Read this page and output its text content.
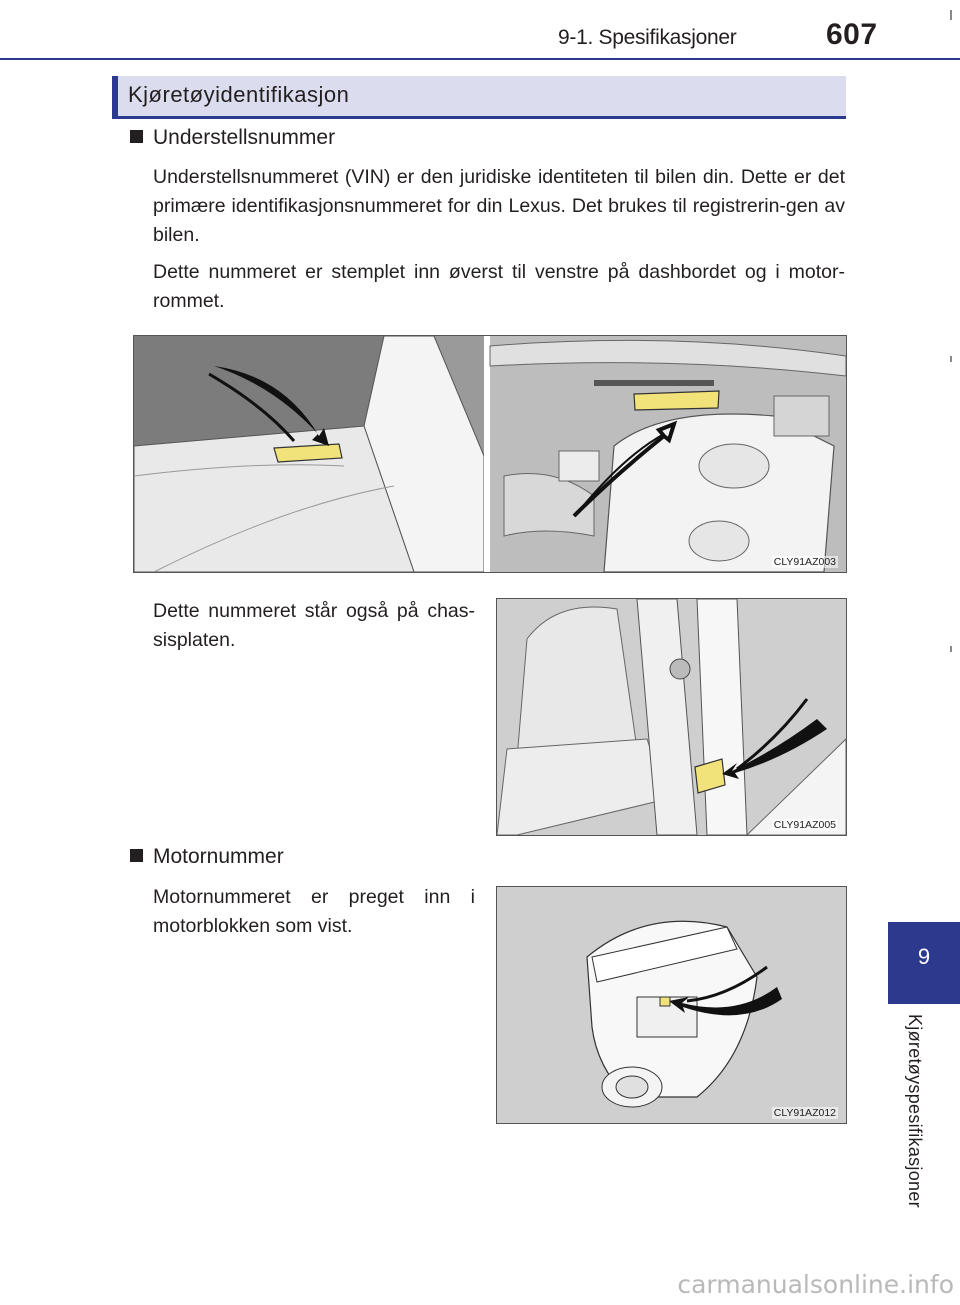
9-1. Spesifikasjoner	607
Kjøretøyidentifikasjon
Understellsnummer
Understellsnummeret (VIN) er den juridiske identiteten til bilen din. Dette er det primære identifikasjonsnummeret for din Lexus. Det brukes til registrerin-gen av bilen.
Dette nummeret er stemplet inn øverst til venstre på dashbordet og i motor-rommet.
CLY91AZ003
Dette nummeret står også på chas-sisplaten.
CLY91AZ005
Motornummer
Motornummeret er preget inn i motorblokken som vist.
CLY91AZ012
9
Kjøretøyspesifikasjoner
carmanualsonline.info
